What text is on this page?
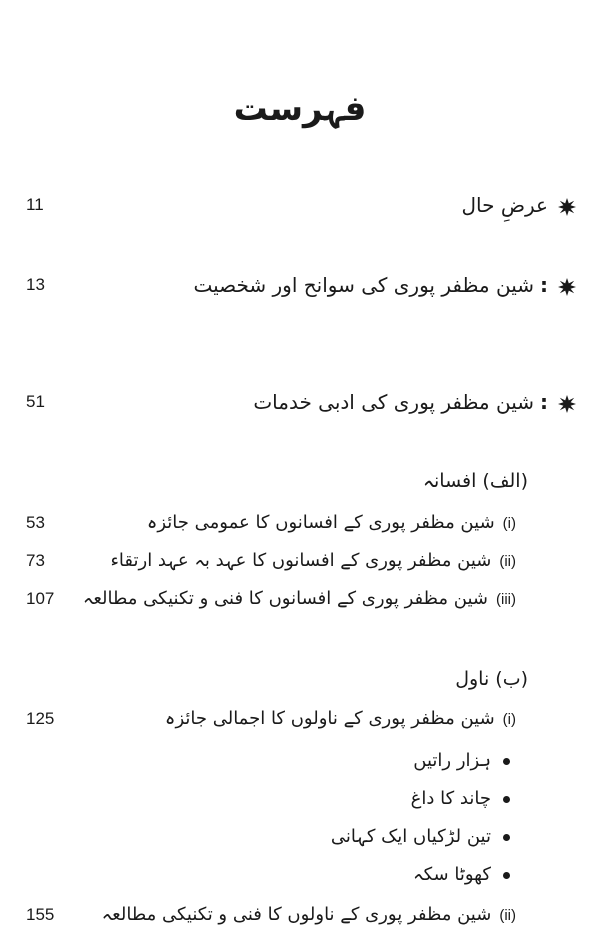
فہرست
11	عرضِ حال
13	:شین مظفر پوری کی سوانح اور شخصیت
51	:شین مظفر پوری کی ادبی خدمات
(الف) افسانہ
53	(i)شین مظفر پوری کے افسانوں کا عمومی جائزہ
73	(ii)شین مظفر پوری کے افسانوں کا عہد بہ عہد ارتقاء
107	(iii)شین مظفر پوری کے افسانوں کا فنی و تکنیکی مطالعہ
(ب) ناول
125	(i)شین مظفر پوری کے ناولوں کا اجمالی جائزہ
ہزار راتیں
چاند کا داغ
تین لڑکیاں ایک کہانی
کھوٹا سکہ
155	(ii)شین مظفر پوری کے ناولوں کا فنی و تکنیکی مطالعہ
